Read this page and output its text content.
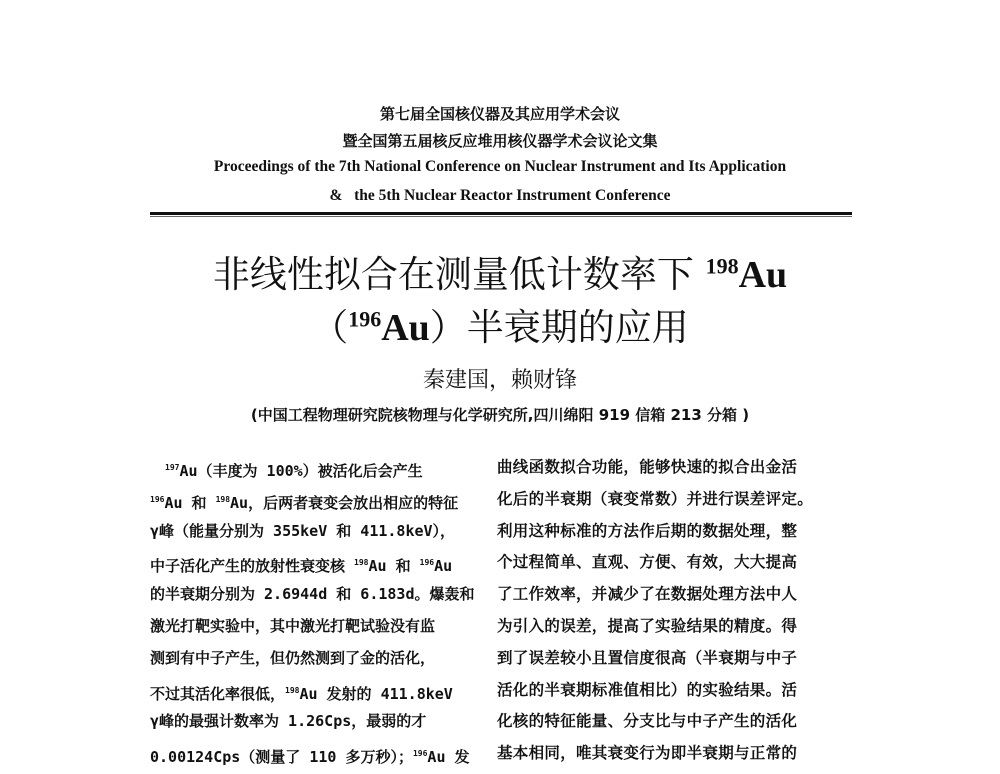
第七届全国核仪器及其应用学术会议
暨全国第五届核反应堆用核仪器学术会议论文集
Proceedings of the 7th National Conference on Nuclear Instrument and Its Application
&   the 5th Nuclear Reactor Instrument Conference
非线性拟合在测量低计数率下 $^{198}$Au
（$^{196}$Au）半衰期的应用
秦建国，赖财锋
(中国工程物理研究院核物理与化学研究所,四川绵阳 919 信箱 213 分箱 )
$^{197}$Au（丰度为 100%）被活化后会产生
$^{196}$Au 和 $^{198}$Au，后两者衰变会放出相应的特征
γ峰（能量分别为 355keV 和 411.8keV），
中子活化产生的放射性衰变核 $^{198}$Au 和 $^{196}$Au
的半衰期分别为 2.6944d 和 6.183d。爆轰和
激光打靶实验中，其中激光打靶试验没有监
测到有中子产生，但仍然测到了金的活化，
不过其活化率很低，$^{198}$Au 发射的 411.8keV
γ峰的最强计数率为 1.26Cps，最弱的才
0.00124Cps（测量了 110 多万秒）；$^{196}$Au 发
曲线函数拟合功能，能够快速的拟合出金活
化后的半衰期（衰变常数）并进行误差评定。
利用这种标准的方法作后期的数据处理，整
个过程简单、直观、方便、有效，大大提高
了工作效率，并减少了在数据处理方法中人
为引入的误差，提高了实验结果的精度。得
到了误差较小且置信度很高（半衰期与中子
活化的半衰期标准值相比）的实验结果。活
化核的特征能量、分支比与中子产生的活化
基本相同，唯其衰变行为即半衰期与正常的
